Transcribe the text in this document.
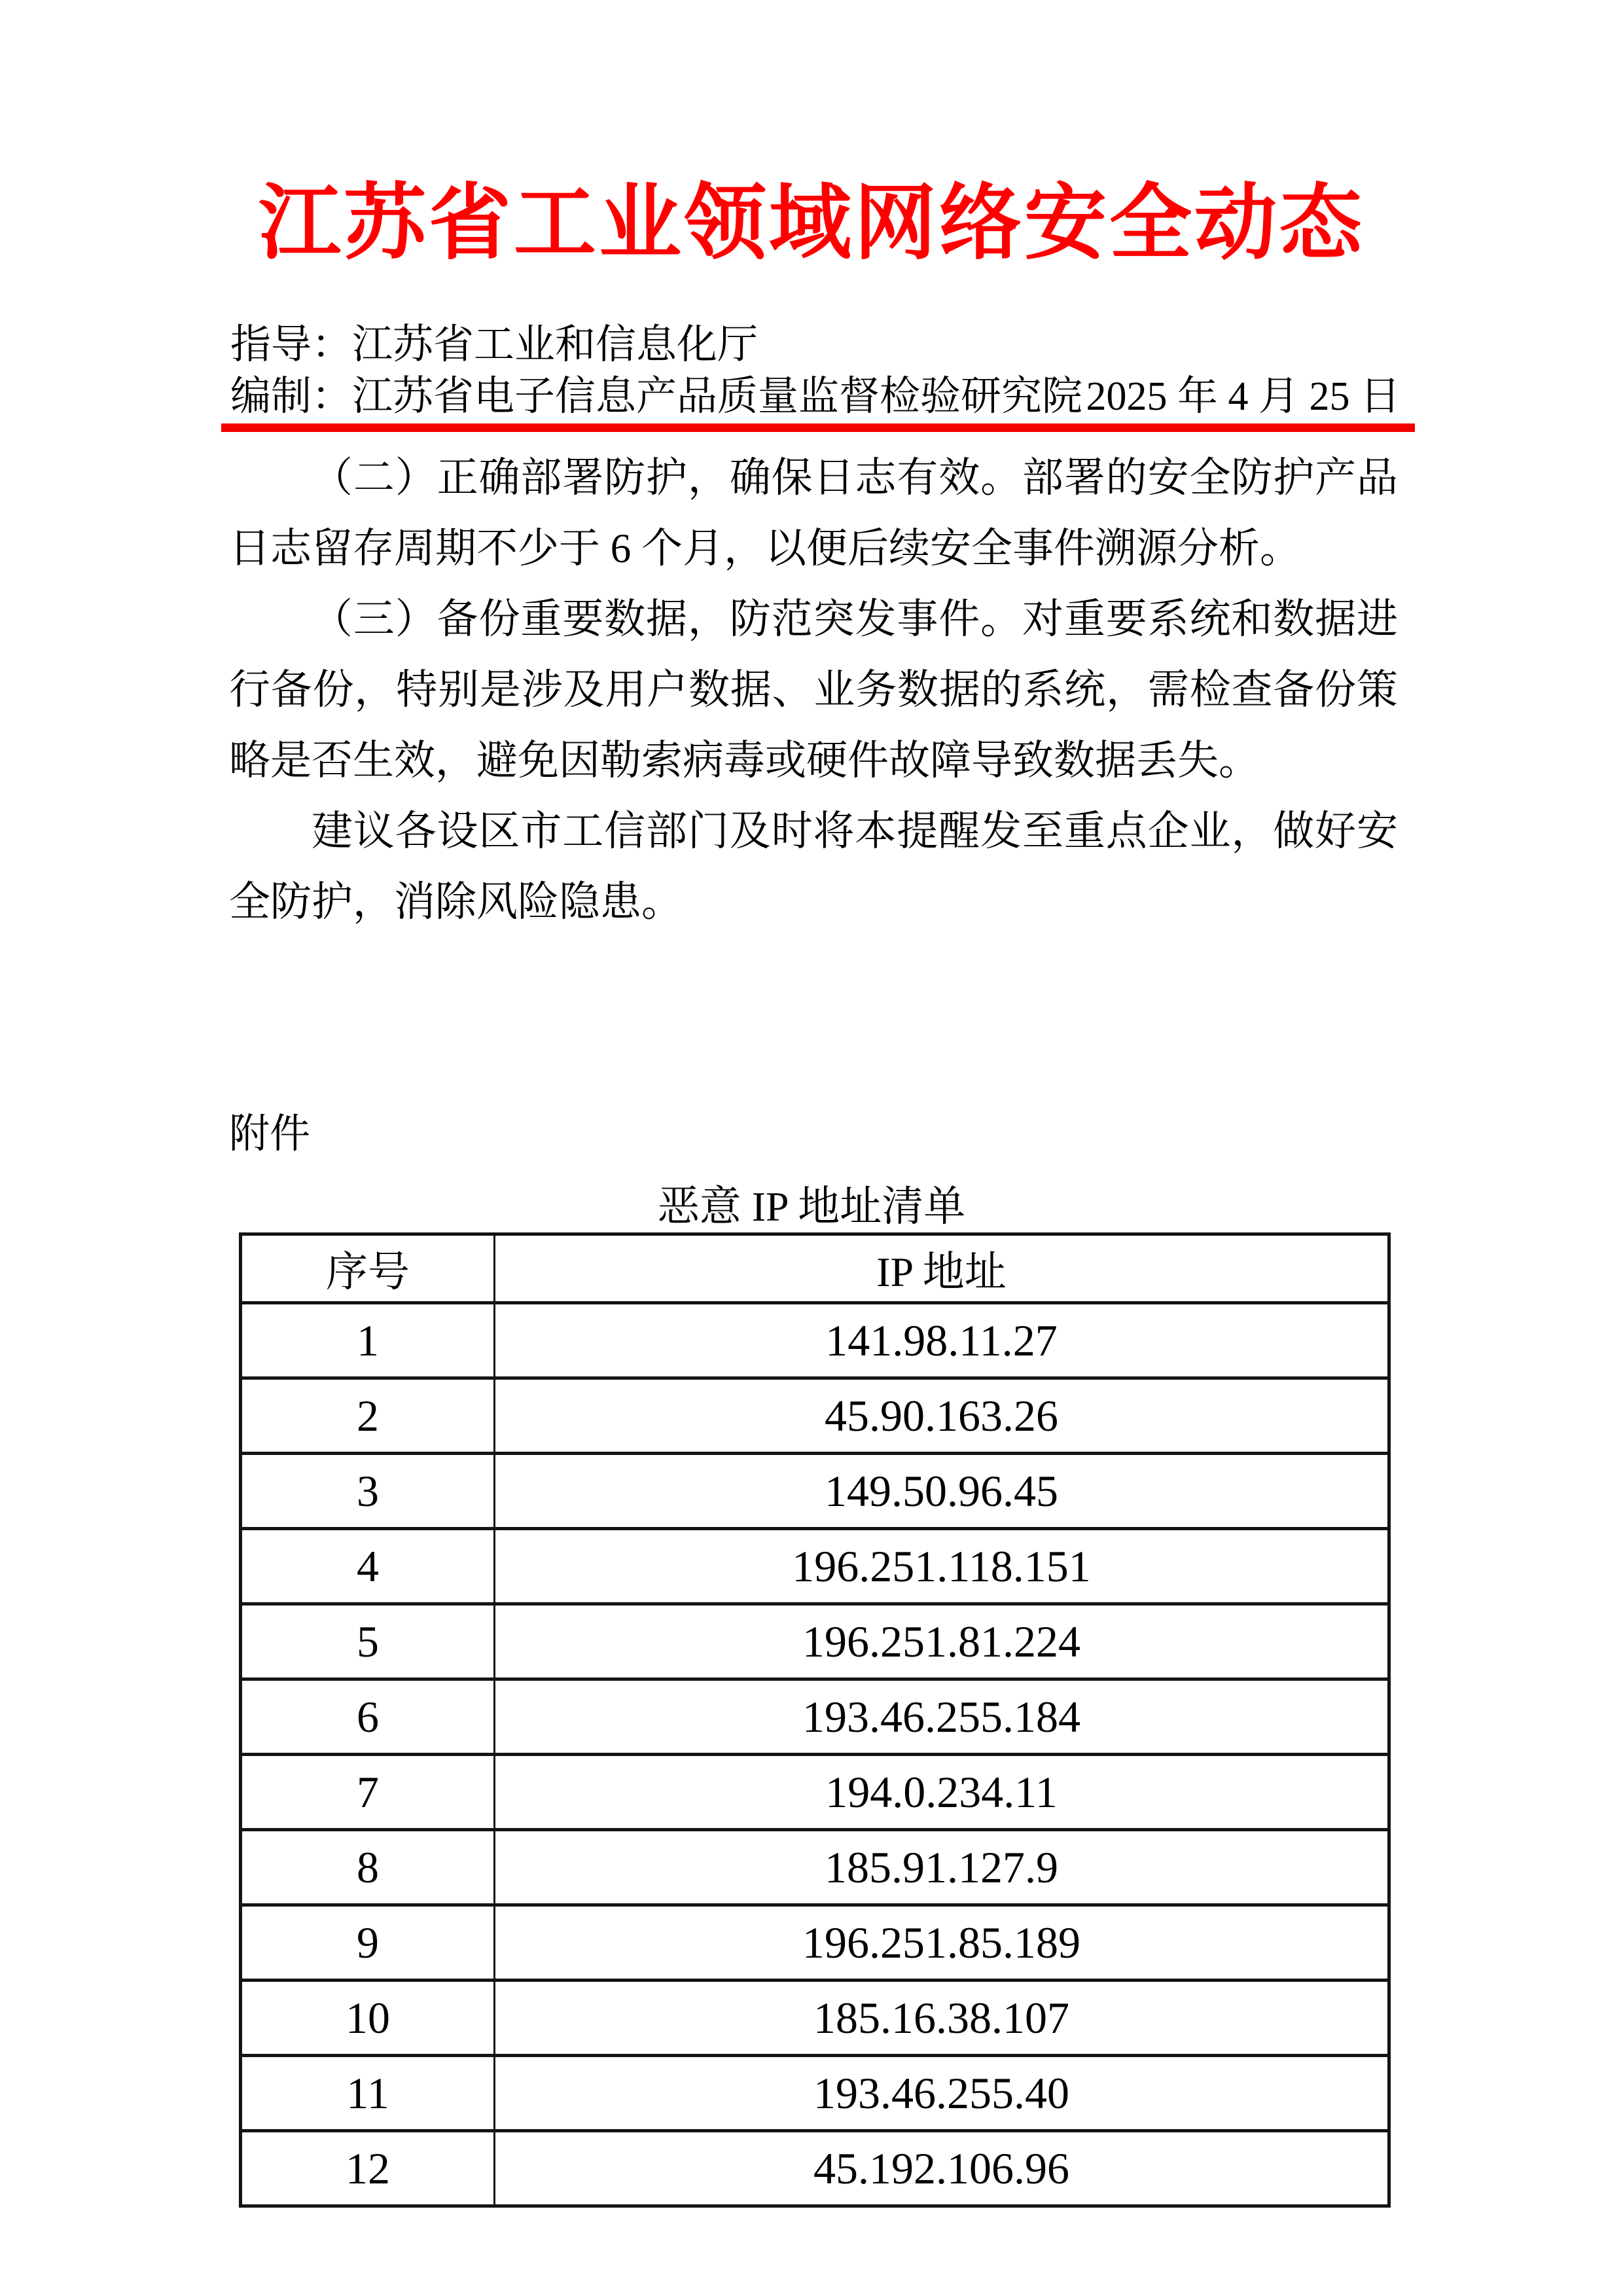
江苏省工业领域网络安全动态
指导：江苏省工业和信息化厅
编制：江苏省电子信息产品质量监督检验研究院 2025 年 4 月 25 日

（二）正确部署防护，确保日志有效。部署的安全防护产品日志留存周期不少于 6 个月，以便后续安全事件溯源分析。

（三）备份重要数据，防范突发事件。对重要系统和数据进行备份，特别是涉及用户数据、业务数据的系统，需检查备份策略是否生效，避免因勒索病毒或硬件故障导致数据丢失。

建议各设区市工信部门及时将本提醒发至重点企业，做好安全防护，消除风险隐患。

附件
恶意 IP 地址清单
序号	IP 地址
1	141.98.11.27
2	45.90.163.26
3	149.50.96.45
4	196.251.118.151
5	196.251.81.224
6	193.46.255.184
7	194.0.234.11
8	185.91.127.9
9	196.251.85.189
10	185.16.38.107
11	193.46.255.40
12	45.192.106.96
